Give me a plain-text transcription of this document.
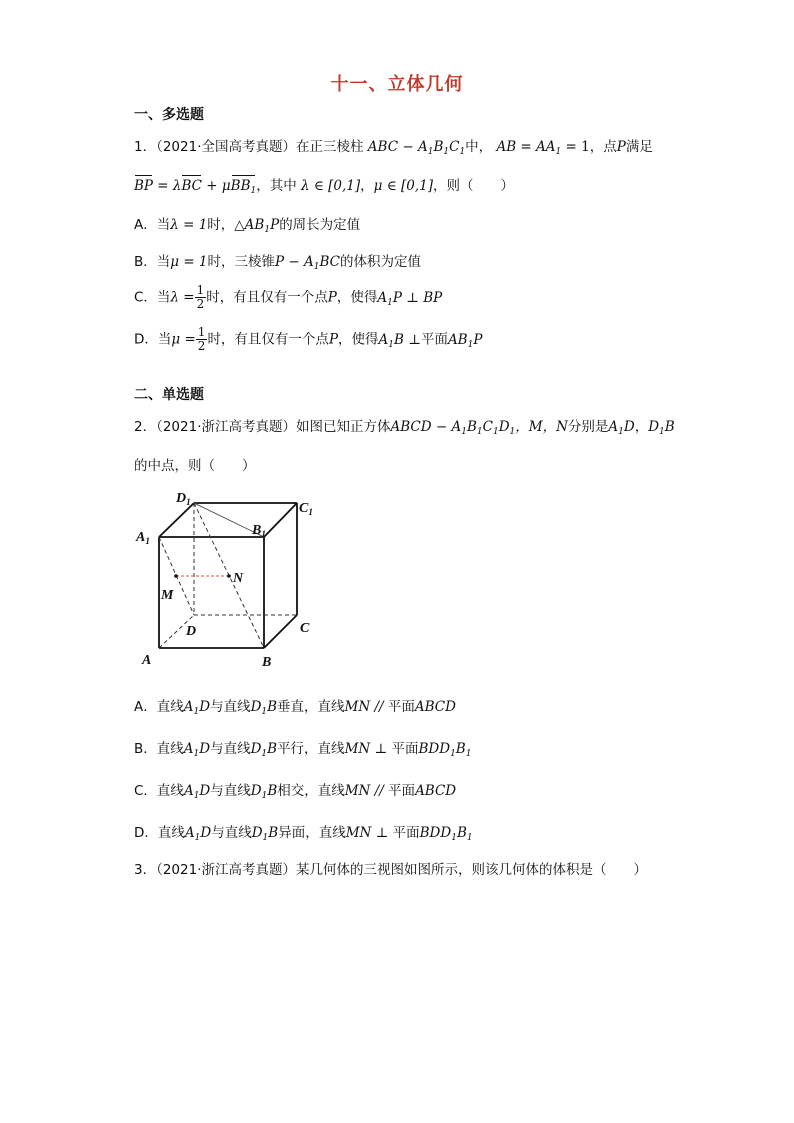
十一、立体几何
一、多选题
1．（2021·全国高考真题）在正三棱柱 ABC − $A_1B_1C_1$中， AB = $AA_1 = 1$，点P满足
BP = λBC + μBB$_1$，其中 λ ∈ [0,1]，μ ∈ [0,1]，则（　　）
A．当λ = 1时，$\triangle AB_1P$的周长为定值
B．当μ = 1时，三棱锥$P - A_1BC$的体积为定值
C．当$\lambda = \frac{1}{2}$ 时，有且仅有一个点P，使得$A_1P$ ⊥ BP
D．当$\mu = \frac{1}{2}$ 时，有且仅有一个点P，使得$A_1B$ ⊥平面$AB_1P$
二、单选题
2．（2021·浙江高考真题）如图已知正方体ABCD − $A_1B_1C_1D_1$，M，N分别是$A_1D$，$D_1B$
的中点，则（　　）
$D_1$	$C_1$
$B_1$
$A_1$
N
M
D	C
A	B
A．直线$A_1D$与直线$D_1B$垂直，直线MN // 平面ABCD
B．直线$A_1D$与直线$D_1B$平行，直线MN ⊥ 平面$BDD_1B_1$
C．直线$A_1D$与直线$D_1B$相交，直线MN // 平面ABCD
D．直线$A_1D$与直线$D_1B$异面，直线MN ⊥ 平面$BDD_1B_1$
3．（2021·浙江高考真题）某几何体的三视图如图所示，则该几何体的体积是（　　）
